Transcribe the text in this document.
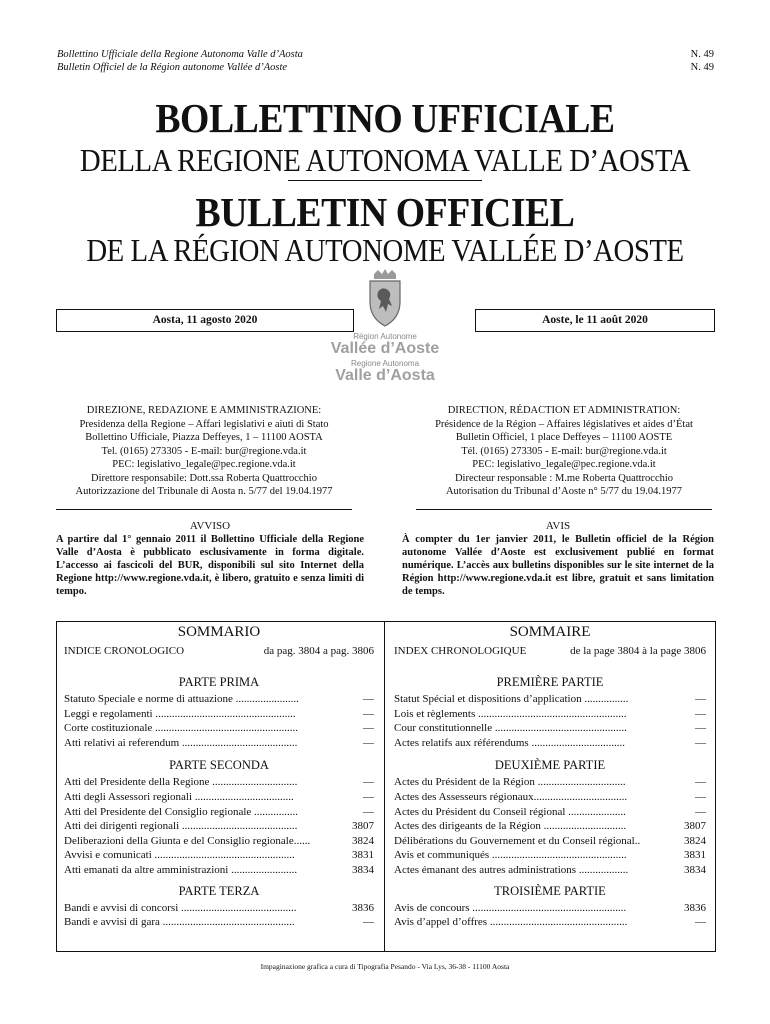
Bollettino Ufficiale della Regione Autonoma Valle d’Aosta
Bulletin Officiel de la Région autonome Vallée d’Aoste
N. 49
N. 49
BOLLETTINO UFFICIALE
DELLA REGIONE AUTONOMA VALLE D’AOSTA
BULLETIN OFFICIEL
DE LA RÉGION AUTONOME VALLÉE D’AOSTE
Aosta, 11 agosto 2020	Aoste, le 11 août 2020
Région Autonome
Vallée d’Aoste
Regione Autonoma
Valle d’Aosta
DIREZIONE, REDAZIONE E AMMINISTRAZIONE:
Presidenza della Regione – Affari legislativi e aiuti di Stato
Bollettino Ufficiale, Piazza Deffeyes, 1 – 11100 AOSTA
Tel. (0165) 273305 - E-mail: bur@regione.vda.it
PEC: legislativo_legale@pec.regione.vda.it
Direttore responsabile: Dott.ssa Roberta Quattrocchio
Autorizzazione del Tribunale di Aosta n. 5/77 del 19.04.1977
DIRECTION, RÉDACTION ET ADMINISTRATION:
Présidence de la Région – Affaires législatives et aides d’État
Bulletin Officiel, 1 place Deffeyes – 11100 AOSTE
Tél. (0165) 273305 - E-mail: bur@regione.vda.it
PEC: legislativo_legale@pec.regione.vda.it
Directeur responsable : M.me Roberta Quattrocchio
Autorisation du Tribunal d’Aoste n° 5/77 du 19.04.1977
AVVISO
A partire dal 1° gennaio 2011 il Bollettino Ufficiale della Regione Valle d’Aosta è pubblicato esclusivamente in forma digitale. L’accesso ai fascicoli del BUR, disponibili sul sito Internet della Regione http://www.regione.vda.it, è libero, gratuito e senza limiti di tempo.
AVIS
À compter du 1er janvier 2011, le Bulletin officiel de la Région autonome Vallée d’Aoste est exclusivement publié en format numérique. L’accès aux bulletins disponibles sur le site internet de la Région http://www.regione.vda.it est libre, gratuit et sans limitation de temps.
SOMMARIO
INDICE CRONOLOGICO	da pag. 3804 a pag. 3806
PARTE PRIMA
Statuto Speciale e norme di attuazione .......................	—
Leggi e regolamenti ...................................................	—
Corte costituzionale ....................................................	—
Atti relativi ai referendum ..........................................	—
PARTE SECONDA
Atti del Presidente della Regione ...............................	—
Atti degli Assessori regionali ....................................	—
Atti del Presidente del Consiglio regionale ................	—
Atti dei dirigenti regionali ..........................................	3807
Deliberazioni della Giunta e del Consiglio regionale......	3824
Avvisi e comunicati ...................................................	3831
Atti emanati da altre amministrazioni ........................	3834
PARTE TERZA
Bandi e avvisi di concorsi ..........................................	3836
Bandi e avvisi di gara ................................................	—
SOMMAIRE
INDEX CHRONOLOGIQUE	de la page 3804 à la page 3806
PREMIÈRE PARTIE
Statut Spécial et dispositions d’application ................	—
Lois et règlements ......................................................	—
Cour constitutionnelle ................................................	—
Actes relatifs aux référendums ..................................	—
DEUXIÈME PARTIE
Actes du Président de la Région ................................	—
Actes des Assesseurs régionaux..................................	—
Actes du Président du Conseil régional .....................	—
Actes des dirigeants de la Région ..............................	3807
Délibérations du Gouvernement et du Conseil régional..	3824
Avis et communiqués .................................................	3831
Actes émanant des autres administrations ..................	3834
TROISIÈME PARTIE
Avis de concours ........................................................	3836
Avis d’appel d’offres ..................................................	—
Impaginazione grafica a cura di Tipografia Pesando - Via Lys, 36-38 - 11100 Aosta
